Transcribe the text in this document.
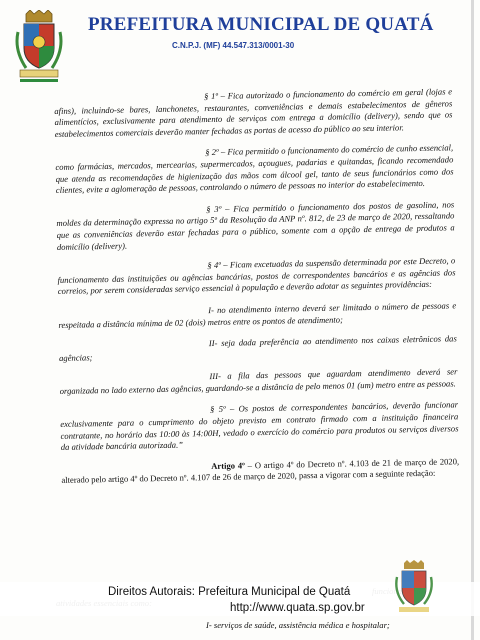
PREFEITURA MUNICIPAL DE QUATÁ
C.N.P.J. (MF) 44.547.313/0001-30

§ 1º – Fica autorizado o funcionamento do comércio em geral (lojas e afins), incluindo-se bares, lanchonetes, restaurantes, conveniências e demais estabelecimentos de gêneros alimentícios, exclusivamente para atendimento de serviços com entrega a domicílio (delivery), sendo que os estabelecimentos comerciais deverão manter fechadas as portas de acesso do público ao seu interior.

§ 2º – Fica permitido o funcionamento do comércio de cunho essencial, como farmácias, mercados, mercearias, supermercados, açougues, padarias e quitandas, ficando recomendado que atenda as recomendações de higienização das mãos com álcool gel, tanto de seus funcionários como dos clientes, evite a aglomeração de pessoas, controlando o número de pessoas no interior do estabelecimento.

§ 3º – Fica permitido o funcionamento dos postos de gasolina, nos moldes da determinação expressa no artigo 5º da Resolução da ANP nº. 812, de 23 de março de 2020, ressaltando que as conveniências deverão estar fechadas para o público, somente com a opção de entrega de produtos a domicílio (delivery).

§ 4º – Ficam excetuadas da suspensão determinada por este Decreto, o funcionamento das instituições ou agências bancárias, postos de correspondentes bancários e as agências dos correios, por serem consideradas serviço essencial à população e deverão adotar as seguintes providências:

I- no atendimento interno deverá ser limitado o número de pessoas e respeitada a distância mínima de 02 (dois) metros entre os pontos de atendimento;

II- seja dada preferência ao atendimento nos caixas eletrônicos das agências;

III- a fila das pessoas que aguardam atendimento deverá ser organizada no lado externo das agências, guardando-se a distância de pelo menos 01 (um) metro entre as pessoas.

§ 5º – Os postos de correspondentes bancários, deverão funcionar exclusivamente para o cumprimento do objeto previsto em contrato firmado com a instituição financeira contratante, no horário das 10:00 às 14:00H, vedado o exercício do comércio para produtos ou serviços diversos da atividade bancária autorizada.”

Artigo 4º – O artigo 4º do Decreto nº. 4.103 de 21 de março de 2020, alterado pelo artigo 4º do Decreto nº. 4.107 de 26 de março de 2020, passa a vigorar com a seguinte redação:

Direitos Autorais: Prefeitura Municipal de Quatá
http://www.quata.sp.gov.br
I- serviços de saúde, assistência médica e hospitalar;
